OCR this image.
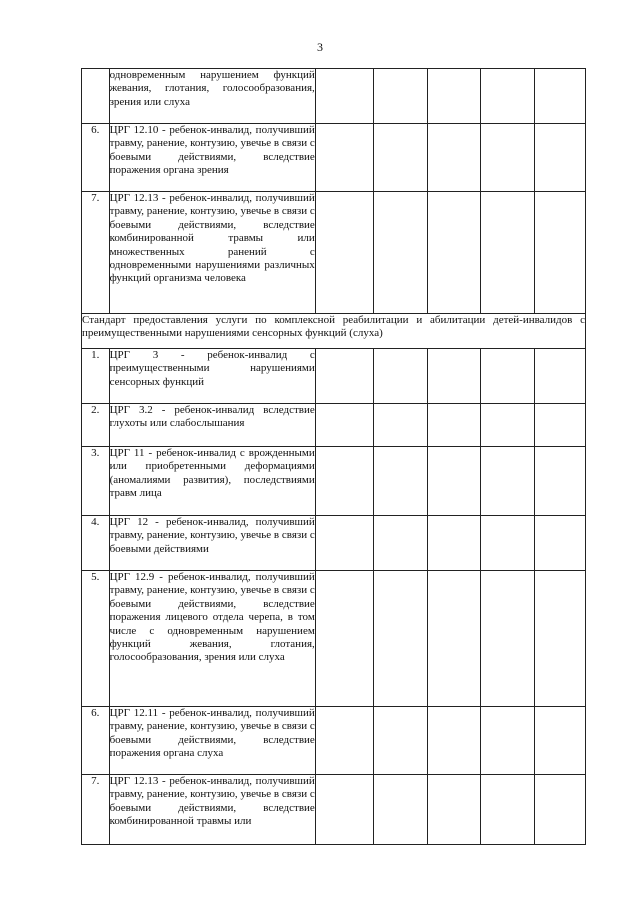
3
	одновременным нарушением функций жевания, глотания, голосообразования, зрения или слуха					
6.	ЦРГ 12.10 - ребенок-инвалид, получивший травму, ранение, контузию, увечье в связи с боевыми действиями, вследствие поражения органа зрения					
7.	ЦРГ 12.13 - ребенок-инвалид, получивший травму, ранение, контузию, увечье в связи с боевыми действиями, вследствие комбинированной травмы или множественных ранений с одновременными нарушениями различных функций организма человека					
Стандарт предоставления услуги по комплексной реабилитации и абилитации детей-инвалидов с преимущественными нарушениями сенсорных функций (слуха)						
1.	ЦРГ 3 - ребенок-инвалид с преимущественными нарушениями сенсорных функций					
2.	ЦРГ 3.2 - ребенок-инвалид вследствие глухоты или слабослышания					
3.	ЦРГ 11 - ребенок-инвалид с врожденными или приобретенными деформациями (аномалиями развития), последствиями травм лица					
4.	ЦРГ 12 - ребенок-инвалид, получивший травму, ранение, контузию, увечье в связи с боевыми действиями					
5.	ЦРГ 12.9 - ребенок-инвалид, получивший травму, ранение, контузию, увечье в связи с боевыми действиями, вследствие поражения лицевого отдела черепа, в том числе с одновременным нарушением функций жевания, глотания, голосообразования, зрения или слуха					
6.	ЦРГ 12.11 - ребенок-инвалид, получивший травму, ранение, контузию, увечье в связи с боевыми действиями, вследствие поражения органа слуха					
7.	ЦРГ 12.13 - ребенок-инвалид, получивший травму, ранение, контузию, увечье в связи с боевыми действиями, вследствие комбинированной травмы или					
